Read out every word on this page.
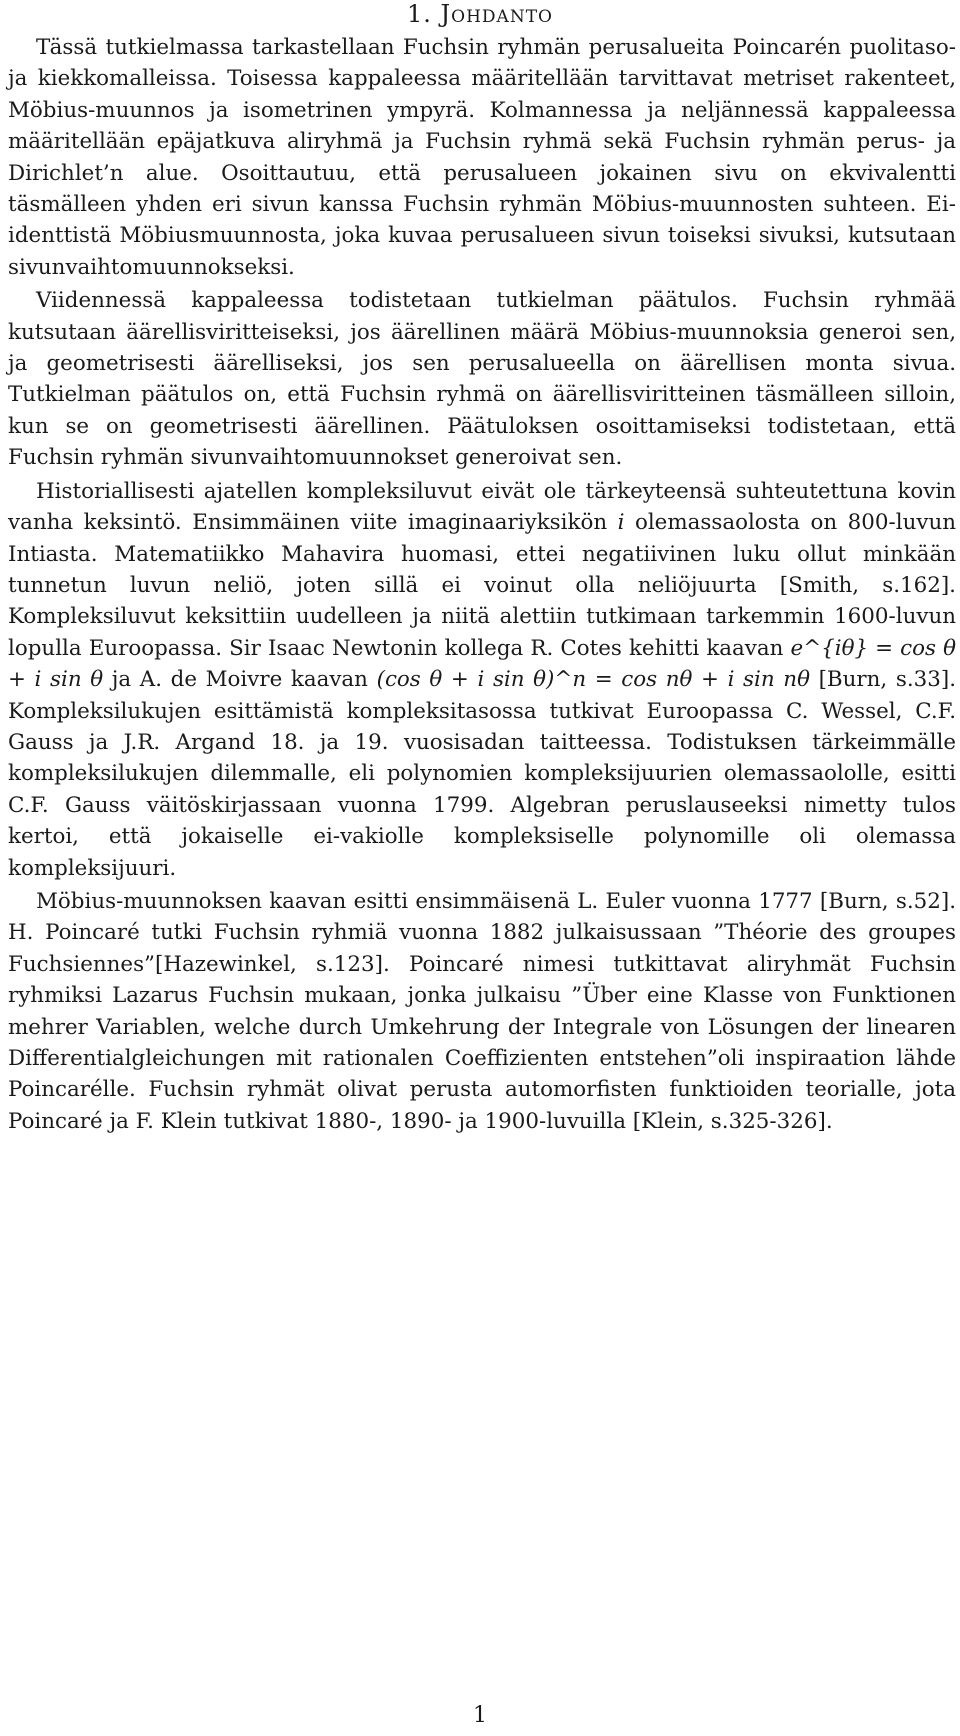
1. Johdanto

Tässä tutkielmassa tarkastellaan Fuchsin ryhmän perusalueita Poincarén puolitaso- ja kiekkomalleissa. Toisessa kappaleessa määritellään tarvittavat metriset rakenteet, Möbius-muunnos ja isometrinen ympyrä. Kolmannessa ja neljännessä kappaleessa määritellään epäjatkuva aliryhmä ja Fuchsin ryhmä sekä Fuchsin ryhmän perus- ja Dirichlet’n alue. Osoittautuu, että perusalueen jokainen sivu on ekvivalentti täsmälleen yhden eri sivun kanssa Fuchsin ryhmän Möbius-muunnosten suhteen. Ei-identtistä Möbiusmuunnosta, joka kuvaa perusalueen sivun toiseksi sivuksi, kutsutaan sivunvaihtomuunnokseksi.

Viidennessä kappaleessa todistetaan tutkielman päätulos. Fuchsin ryhmää kutsutaan äärellisviritteiseksi, jos äärellinen määrä Möbius-muunnoksia generoi sen, ja geometrisesti äärelliseksi, jos sen perusalueella on äärellisen monta sivua. Tutkielman päätulos on, että Fuchsin ryhmä on äärellisviritteinen täsmälleen silloin, kun se on geometrisesti äärellinen. Päätuloksen osoittamiseksi todistetaan, että Fuchsin ryhmän sivunvaihtomuunnokset generoivat sen.

Historiallisesti ajatellen kompleksiluvut eivät ole tärkeyteensä suhteutettuna kovin vanha keksintö. Ensimmäinen viite imaginaariyksikön i olemassaolosta on 800-luvun Intiasta. Matematiikko Mahavira huomasi, ettei negatiivinen luku ollut minkään tunnetun luvun neliö, joten sillä ei voinut olla neliöjuurta [Smith, s.162]. Kompleksiluvut keksittiin uudelleen ja niitä alettiin tutkimaan tarkemmin 1600-luvun lopulla Euroopassa. Sir Isaac Newtonin kollega R. Cotes kehitti kaavan e^{iθ} = cos θ + i sin θ ja A. de Moivre kaavan (cos θ + i sin θ)^n = cos nθ + i sin nθ [Burn, s.33]. Kompleksilukujen esittämistä kompleksitasossa tutkivat Euroopassa C. Wessel, C.F. Gauss ja J.R. Argand 18. ja 19. vuosisadan taitteessa. Todistuksen tärkeimmälle kompleksilukujen dilemmalle, eli polynomien kompleksijuurien olemassaololle, esitti C.F. Gauss väitöskirjassaan vuonna 1799. Algebran peruslauseeksi nimetty tulos kertoi, että jokaiselle ei-vakiolle kompleksiselle polynomille oli olemassa kompleksijuuri.

Möbius-muunnoksen kaavan esitti ensimmäisenä L. Euler vuonna 1777 [Burn, s.52]. H. Poincaré tutki Fuchsin ryhmiä vuonna 1882 julkaisussaan ”Théorie des groupes Fuchsiennes”[Hazewinkel, s.123]. Poincaré nimesi tutkittavat aliryhmät Fuchsin ryhmiksi Lazarus Fuchsin mukaan, jonka julkaisu ”Über eine Klasse von Funktionen mehrer Variablen, welche durch Umkehrung der Integrale von Lösungen der linearen Differentialgleichungen mit rationalen Coeffizienten entstehen”oli inspiraation lähde Poincarélle. Fuchsin ryhmät olivat perusta automorfisten funktioiden teorialle, jota Poincaré ja F. Klein tutkivat 1880-, 1890- ja 1900-luvuilla [Klein, s.325-326].

1
